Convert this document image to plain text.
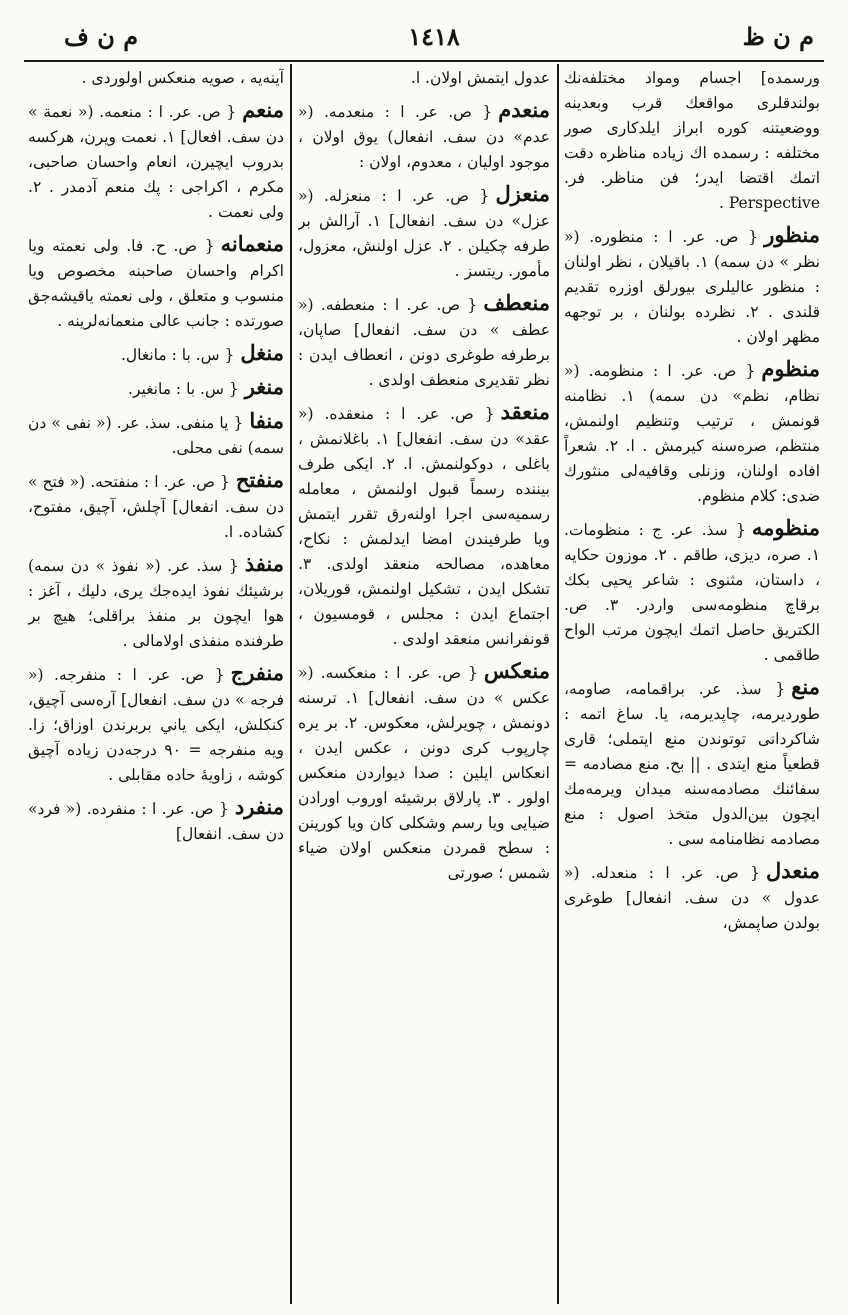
م ن ظ
١٤١٨
م ن ف

ورسمده] اجسام ومواد مختلفه‌نك بولندقلری مواقعك قرب وبعدينه ووضعيتنه كوره ابراز ايلدكاری صور مختلفه : رسمده اك زياده مناظره دقت اتمك اقتضا ايدر؛ فن مناظر. فر. Perspective .

منظور{ ص. عر. ا : منظوره. (« نظر » دن سمه) ١. باقيلان ، نظر اولنان : منظور عاليلری بيورلق اوزره تقديم قلندی . ٢. نظرده بولنان ، بر توجهه مظهر اولان .

منظوم{ ص. عر. ا : منظومه. (« نظام، نظم» دن سمه) ١. نظامنه قونمش ، ترتيب وتنظيم اولنمش، منتظم، صره‌سنه كيرمش . ا. ٢. شعراً افاده اولنان، وزنلی وقافيه‌لی منثورك ضدی: كلام منظوم.

منظومه{ سذ. عر. ج : منظومات. ١. صره، دیزی، طاقم . ٢. موزون حكايه ، داستان، مثنوی : شاعر يحيی بكك برقاچ منظومه‌سی واردر. ٣. ص. الكتريق حاصل اتمك ايچون مرتب الواح طاقمی .

منع{ سذ. عر. براقمامه، صاومه، طوردیرمه، چاپدیرمه، یا. ساغ اتمه : شاكردانی توتوندن منع ايتملی؛ قاری قطعياً منع ايتدی . || بح. منع مصادمه = سفائنك مصادمه‌سنه ميدان ويرمه‌مك ايچون بين‌الدول متخذ اصول : منع مصادمه نظامنامه سی .

منعدل{ ص. عر. ا : منعدله. (« عدول » دن سف. انفعال] طوغری بولدن صاپمش،

عدول ايتمش اولان. ا.

منعدم{ ص. عر. ا : منعدمه. (« عدم» دن سف. انفعال) يوق اولان ، موجود اوليان ، معدوم، اولان :

منعزل{ ص. عر. ا : منعزله. (« عزل» دن سف. انفعال] ١. آرالش بر طرفه چكيلن . ٢. عزل اولنش، معزول، مأمور. ريتسز .

منعطف{ ص. عر. ا : منعطفه. (« عطف » دن سف. انفعال] صاپان، برطرفه طوغری دونن ، انعطاف ايدن : نظر تقديری منعطف اولدی .

منعقد{ ص. عر. ا : منعقده. (« عقد» دن سف. انفعال] ١. باغلانمش ، باغلی ، دوكولنمش. ا. ٢. ايكی طرف بيننده رسماً قبول اولنمش ، معامله رسميه‌سی اجرا اولنه‌رق تقرر ايتمش ويا طرفيندن امضا ايدلمش : نكاح، معاهده، مصالحه منعقد اولدی. ٣. تشكل ايدن ، تشكيل اولنمش، قوريلان، اجتماع ايدن : مجلس ، قومسيون ، قونفرانس منعقد اولدی .

منعكس{ ص. عر. ا : منعكسه. (« عكس » دن سف. انفعال] ١. ترسنه دونمش ، چويرلش، معكوس. ٢. بر يره چارپوب كری دونن ، عكس ايدن ، انعكاس ايلين : صدا ديواردن منعكس اولور . ٣. پارلاق برشيئه اوروب اورادن ضيايی ويا رسم وشكلی كان ويا كورينن : سطح قمردن منعكس اولان ضياء شمس ؛ صورتی

آينه‌يه ، صويه منعكس اولوردی .

منعم{ ص. عر. ا : منعمه. (« نعمة » دن سف. افعال] ١. نعمت ويرن، هركسه بدروب ايچيرن، انعام واحسان صاحبی، مكرم ، اكراجی : پك منعم آدمدر . ٢. ولی نعمت .

منعمانه{ ص. ح. فا. ولی نعمته ويا اكرام واحسان صاحبنه مخصوص ويا منسوب و متعلق ، ولی نعمته ياقيشه‌جق صورتده : جانب عالی منعمانه‌لرينه .

منغل{ س. با : مانغال.

منغر{ س. با : مانغیر.

منفا{ يا منفی. سذ. عر. (« نفی » دن سمه) نفی محلی.

منفتح{ ص. عر. ا : منفتحه. (« فتح » دن سف. انفعال] آچلش، آچيق، مفتوح، كشاده. ا.

منفذ{ سذ. عر. (« نفوذ » دن سمه) برشيئك نفوذ ايده‌جك يری، دليك ، آغز : هوا ايچون بر منفذ براقلی؛ هيچ بر طرفنده منفذی اولامالی .

منفرج{ ص. عر. ا : منفرجه. (« فرجه » دن سف. انفعال] آره‌سی آچيق، كنكلش، ايكی ياني بربرندن اوزاق؛ زا. ويه منفرجه = ٩٠ درجه‌دن زياده آچيق كوشه ، زاويهٔ حاده مقابلی .

منفرد{ ص. عر. ا : منفرده. (« فرد» دن سف. انفعال]
